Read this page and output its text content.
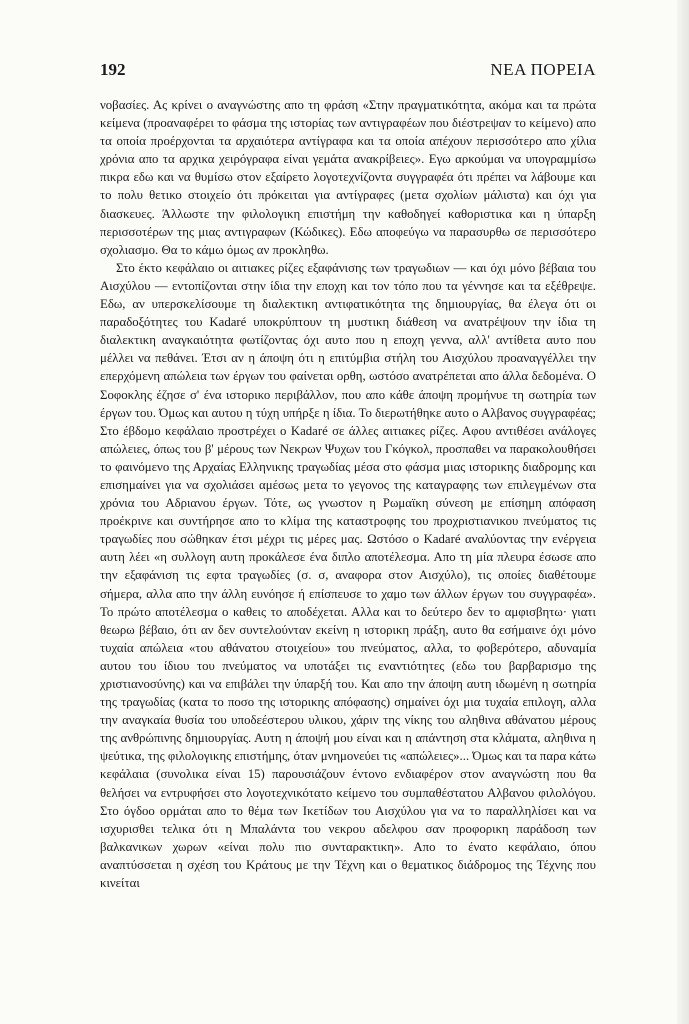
192	ΝΕΑ ΠΟΡΕΙΑ

νοβασίες. Ας κρίνει ο αναγνώστης απο τη φράση «Στην πραγματικότητα, ακόμα και τα πρώτα κείμενα (προαναφέρει το φάσμα της ιστορίας των αντιγραφέων που διέστρεψαν το κείμενο) απο τα οποία προέρχονται τα αρχαιότερα αντίγραφα και τα οποία απέχουν περισσότερο απο χίλια χρόνια απο τα αρχικα χειρόγραφα είναι γεμάτα ανακρίβειες». Εγω αρκούμαι να υπογραμμίσω πικρα εδω και να θυμίσω στον εξαίρετο λογοτεχνίζοντα συγγραφέα ότι πρέπει να λάβουμε και το πολυ θετικο στοιχείο ότι πρόκειται για αντίγραφες (μετα σχολίων μάλιστα) και όχι για διασκευες. Άλλωστε την φιλολογικη επιστήμη την καθοδηγεί καθοριστικα και η ύπαρξη περισσοτέρων της μιας αντιγραφων (Κώδικες). Εδω αποφεύγω να παρασυρθω σε περισσότερο σχολιασμο. Θα το κάμω όμως αν προκληθω.

Στο έκτο κεφάλαιο οι αιτιακες ρίζες εξαφάνισης των τραγωδιων — και όχι μόνο βέβαια του Αισχύλου — εντοπίζονται στην ίδια την εποχη και τον τόπο που τα γέννησε και τα εξέθρεψε. Εδω, αν υπερσκελίσουμε τη διαλεκτικη αντιφατικότητα της δημιουργίας, θα έλεγα ότι οι παραδοξότητες του Kadaré υποκρύπτουν τη μυστικη διάθεση να ανατρέψουν την ίδια τη διαλεκτικη αναγκαιότητα φωτίζοντας όχι αυτο που η εποχη γεννα, αλλ' αντίθετα αυτο που μέλλει να πεθάνει. Έτσι αν η άποψη ότι η επιτύμβια στήλη του Αισχύλου προαναγγέλλει την επερχόμενη απώλεια των έργων του φαίνεται ορθη, ωστόσο ανατρέπεται απο άλλα δεδομένα. Ο Σοφοκλης έζησε σ' ένα ιστορικο περιβάλλον, που απο κάθε άποψη προμήνυε τη σωτηρία των έργων του. Όμως και αυτου η τύχη υπήρξε η ίδια. Το διερωτήθηκε αυτο ο Αλβανος συγγραφέας; Στο έβδομο κεφάλαιο προστρέχει ο Kadaré σε άλλες αιτιακες ρίζες. Αφου αντιθέσει ανάλογες απώλειες, όπως του β' μέρους των Νεκρων Ψυχων του Γκόγκολ, προσπαθει να παρακολουθήσει το φαινόμενο της Αρχαίας Ελληνικης τραγωδίας μέσα στο φάσμα μιας ιστορικης διαδρομης και επισημαίνει για να σχολιάσει αμέσως μετα το γεγονος της καταγραφης των επιλεγμένων στα χρόνια του Αδριανου έργων. Τότε, ως γνωστον η Ρωμαϊκη σύνεση με επίσημη απόφαση προέκρινε και συντήρησε απο το κλίμα της καταστροφης του προχριστιανικου πνεύματος τις τραγωδίες που σώθηκαν έτσι μέχρι τις μέρες μας. Ωστόσο ο Kadaré αναλύοντας την ενέργεια αυτη λέει «η συλλογη αυτη προκάλεσε ένα διπλο αποτέλεσμα. Απο τη μία πλευρα έσωσε απο την εξαφάνιση τις εφτα τραγωδίες (σ. σ, αναφορα στον Αισχύλο), τις οποίες διαθέτουμε σήμερα, αλλα απο την άλλη ευνόησε ή επίσπευσε το χαμο των άλλων έργων του συγγραφέα». Το πρώτο αποτέλεσμα ο καθεις το αποδέχεται. Αλλα και το δεύτερο δεν το αμφισβητω· γιατι θεωρω βέβαιο, ότι αν δεν συντελούνταν εκείνη η ιστορικη πράξη, αυτο θα εσήμαινε όχι μόνο τυχαία απώλεια «του αθάνατου στοιχείου» του πνεύματος, αλλα, το φοβερότερο, αδυναμία αυτου του ίδιου του πνεύματος να υποτάξει τις εναντιότητες (εδω του βαρβαρισμο της χριστιανοσύνης) και να επιβάλει την ύπαρξή του. Και απο την άποψη αυτη ιδωμένη η σωτηρία της τραγωδίας (κατα το ποσο της ιστορικης απόφασης) σημαίνει όχι μια τυχαία επιλογη, αλλα την αναγκαία θυσία του υποδεέστερου υλικου, χάριν της νίκης του αληθινα αθάνατου μέρους της ανθρώπινης δημιουργίας. Αυτη η άποψή μου είναι και η απάντηση στα κλάματα, αληθινα η ψεύτικα, της φιλολογικης επιστήμης, όταν μνημονεύει τις «απώλειες»... Όμως και τα παρα κάτω κεφάλαια (συνολικα είναι 15) παρουσιάζουν έντονο ενδιαφέρον στον αναγνώστη που θα θελήσει να εντρυφήσει στο λογοτεχνικότατο κείμενο του συμπαθέστατου Αλβανου φιλολόγου. Στο όγδοο ορμάται απο το θέμα των Ικετίδων του Αισχύλου για να το παραλληλίσει και να ισχυρισθει τελικα ότι η Μπαλάντα του νεκρου αδελφου σαν προφορικη παράδοση των βαλκανικων χωρων «είναι πολυ πιο συνταρακτικη». Απο το ένατο κεφάλαιο, όπου αναπτύσσεται η σχέση του Κράτους με την Τέχνη και ο θεματικος διάδρομος της Τέχνης που κινείται
